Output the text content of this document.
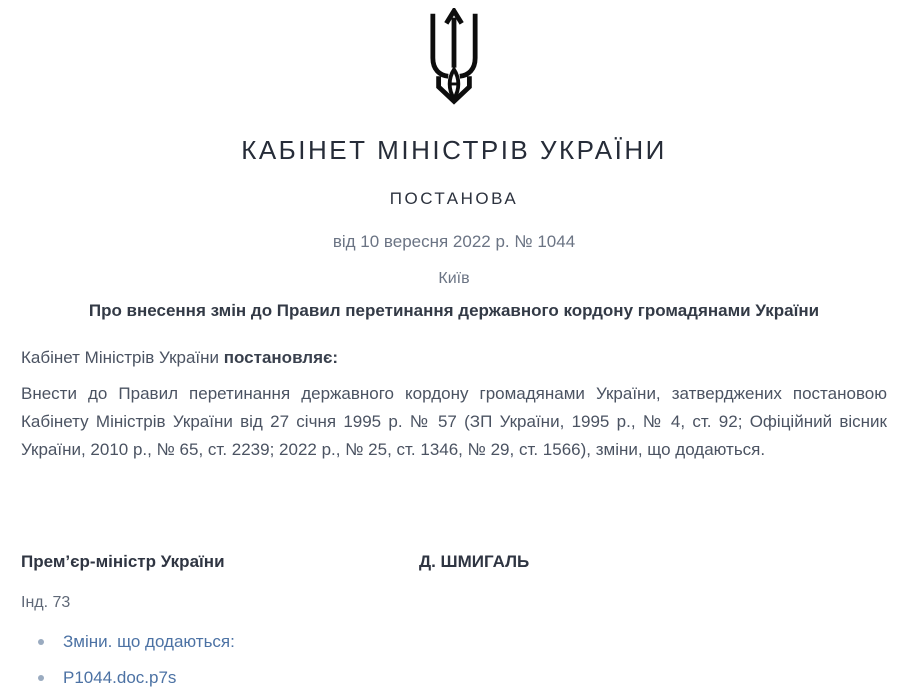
КАБІНЕТ МІНІСТРІВ УКРАЇНИ
ПОСТАНОВА
від 10 вересня 2022 р. № 1044
Київ
Про внесення змін до Правил перетинання державного кордону громадянами України

Кабінет Міністрів України постановляє:

Внести до Правил перетинання державного кордону громадянами України, затверджених постановою Кабінету Міністрів України від 27 січня 1995 р. № 57 (ЗП України, 1995 р., № 4, ст. 92; Офіційний вісник України, 2010 р., № 65, ст. 2239; 2022 р., № 25, ст. 1346, № 29, ст. 1566), зміни, що додаються.

Прем’єр-міністр України	Д. ШМИГАЛЬ
Інд. 73
Зміни. що додаються:
P1044.doc.p7s
